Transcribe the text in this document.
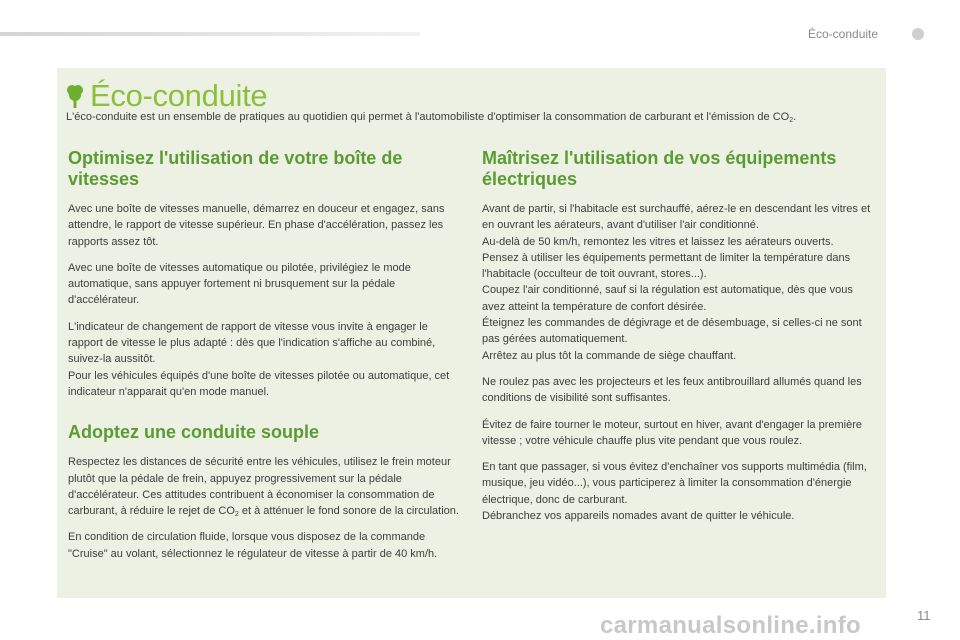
Éco-conduite
Éco-conduite
L'éco-conduite est un ensemble de pratiques au quotidien qui permet à l'automobiliste d'optimiser la consommation de carburant et l'émission de $CO_2$.
Optimisez l'utilisation de votre boîte de vitesses

Avec une boîte de vitesses manuelle, démarrez en douceur et engagez, sans attendre, le rapport de vitesse supérieur. En phase d'accélération, passez les rapports assez tôt.

Avec une boîte de vitesses automatique ou pilotée, privilégiez le mode automatique, sans appuyer fortement ni brusquement sur la pédale d'accélérateur.

L'indicateur de changement de rapport de vitesse vous invite à engager le rapport de vitesse le plus adapté : dès que l'indication s'affiche au combiné, suivez-la aussitôt.
Pour les véhicules équipés d'une boîte de vitesses pilotée ou automatique, cet indicateur n'apparait qu'en mode manuel.

Adoptez une conduite souple

Respectez les distances de sécurité entre les véhicules, utilisez le frein moteur plutôt que la pédale de frein, appuyez progressivement sur la pédale d'accélérateur. Ces attitudes contribuent à économiser la consommation de carburant, à réduire le rejet de $CO_2$ et à atténuer le fond sonore de la circulation.

En condition de circulation fluide, lorsque vous disposez de la commande "Cruise" au volant, sélectionnez le régulateur de vitesse à partir de 40 km/h.

Maîtrisez l'utilisation de vos équipements électriques

Avant de partir, si l'habitacle est surchauffé, aérez-le en descendant les vitres et en ouvrant les aérateurs, avant d'utiliser l'air conditionné.
Au-delà de 50 km/h, remontez les vitres et laissez les aérateurs ouverts.
Pensez à utiliser les équipements permettant de limiter la température dans l'habitacle (occulteur de toit ouvrant, stores...).
Coupez l'air conditionné, sauf si la régulation est automatique, dès que vous avez atteint la température de confort désirée.
Éteignez les commandes de dégivrage et de désembuage, si celles-ci ne sont pas gérées automatiquement.
Arrêtez au plus tôt la commande de siège chauffant.

Ne roulez pas avec les projecteurs et les feux antibrouillard allumés quand les conditions de visibilité sont suffisantes.

Évitez de faire tourner le moteur, surtout en hiver, avant d'engager la première vitesse ; votre véhicule chauffe plus vite pendant que vous roulez.

En tant que passager, si vous évitez d'enchaîner vos supports multimédia (film, musique, jeu vidéo...), vous participerez à limiter la consommation d'énergie électrique, donc de carburant.
Débranchez vos appareils nomades avant de quitter le véhicule.

carmanualsonline.info	11
